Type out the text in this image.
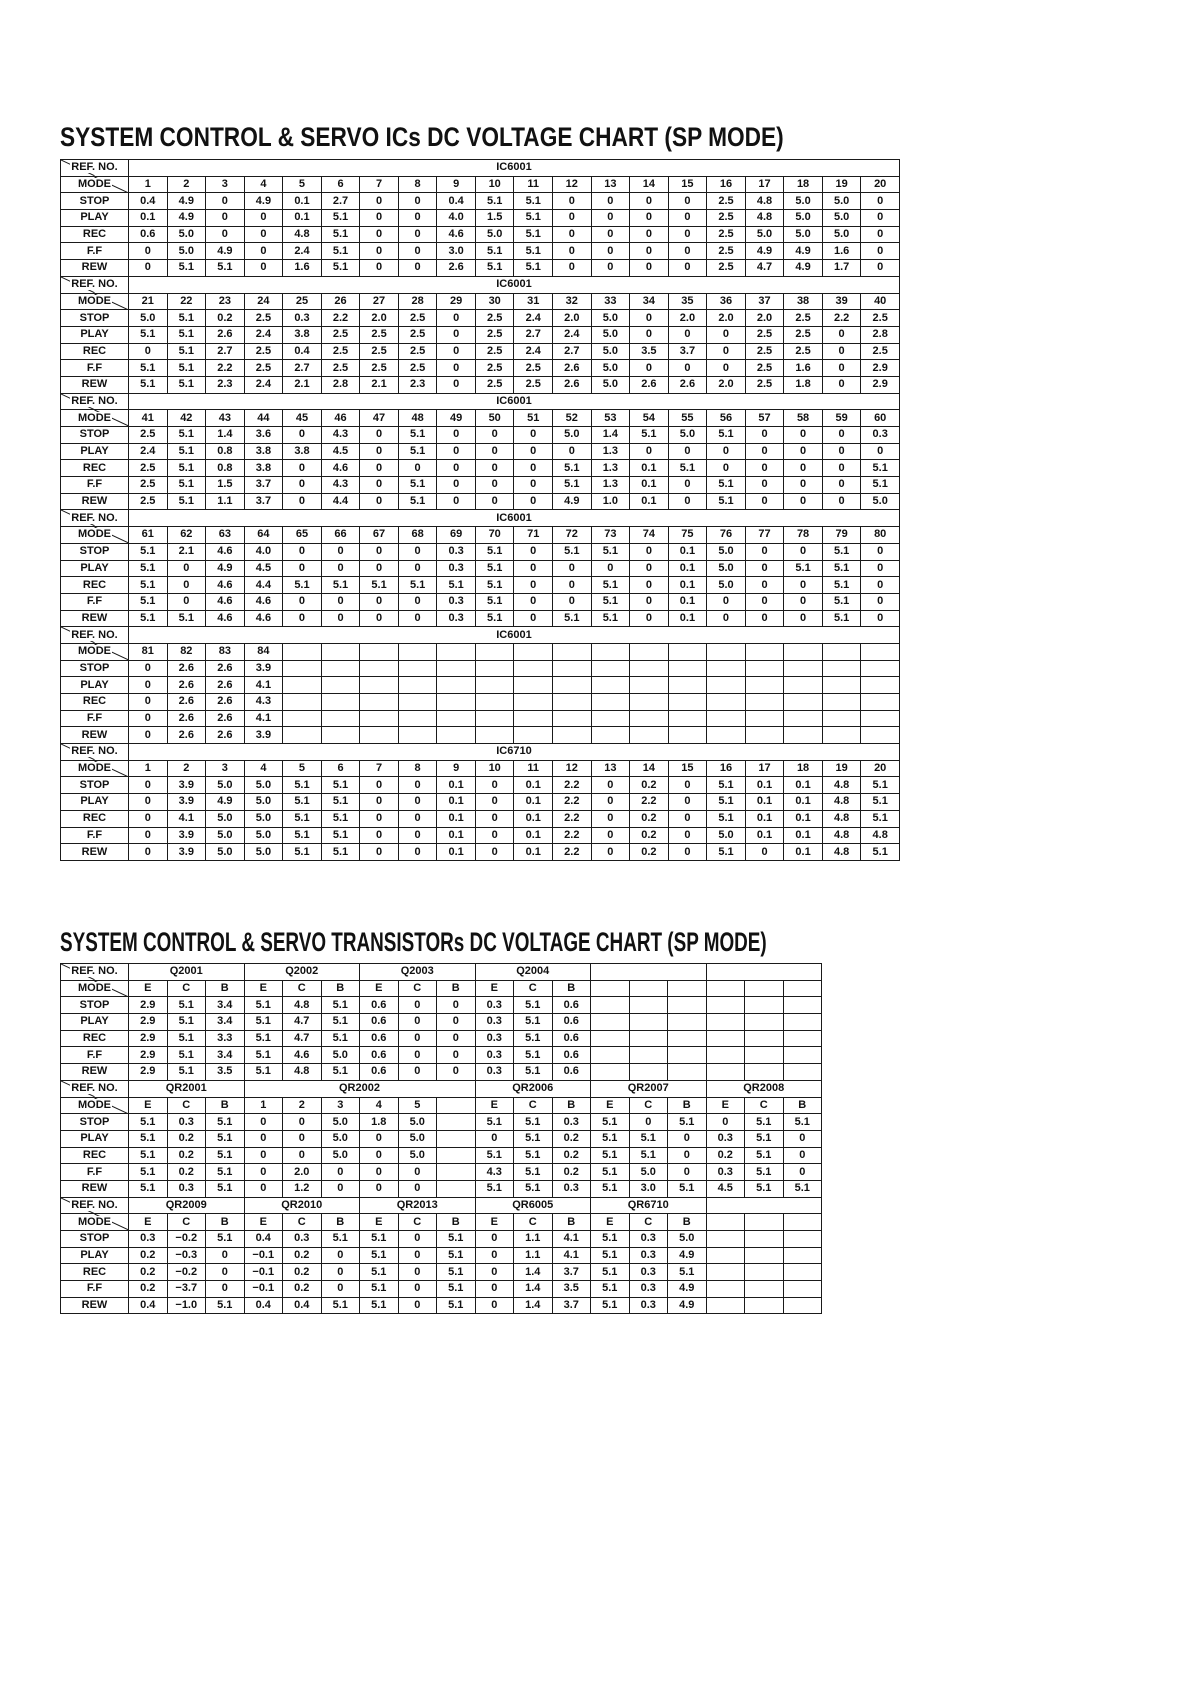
SYSTEM CONTROL & SERVO ICs DC VOLTAGE CHART (SP MODE)
REF. NO.	IC6001																			

MODE	1	2	3	4	5	6	7	8	9	10	11	12	13	14	15	16	17	18	19	20
STOP	0.4	4.9	0	4.9	0.1	2.7	0	0	0.4	5.1	5.1	0	0	0	0	2.5	4.8	5.0	5.0	0
PLAY	0.1	4.9	0	0	0.1	5.1	0	0	4.0	1.5	5.1	0	0	0	0	2.5	4.8	5.0	5.0	0
REC	0.6	5.0	0	0	4.8	5.1	0	0	4.6	5.0	5.1	0	0	0	0	2.5	5.0	5.0	5.0	0
F.F	0	5.0	4.9	0	2.4	5.1	0	0	3.0	5.1	5.1	0	0	0	0	2.5	4.9	4.9	1.6	0
REW	0	5.1	5.1	0	1.6	5.1	0	0	2.6	5.1	5.1	0	0	0	0	2.5	4.7	4.9	1.7	0

REF. NO.	IC6001																			

MODE	21	22	23	24	25	26	27	28	29	30	31	32	33	34	35	36	37	38	39	40
STOP	5.0	5.1	0.2	2.5	0.3	2.2	2.0	2.5	0	2.5	2.4	2.0	5.0	0	2.0	2.0	2.0	2.5	2.2	2.5
PLAY	5.1	5.1	2.6	2.4	3.8	2.5	2.5	2.5	0	2.5	2.7	2.4	5.0	0	0	0	2.5	2.5	0	2.8
REC	0	5.1	2.7	2.5	0.4	2.5	2.5	2.5	0	2.5	2.4	2.7	5.0	3.5	3.7	0	2.5	2.5	0	2.5
F.F	5.1	5.1	2.2	2.5	2.7	2.5	2.5	2.5	0	2.5	2.5	2.6	5.0	0	0	0	2.5	1.6	0	2.9
REW	5.1	5.1	2.3	2.4	2.1	2.8	2.1	2.3	0	2.5	2.5	2.6	5.0	2.6	2.6	2.0	2.5	1.8	0	2.9

REF. NO.	IC6001																			

MODE	41	42	43	44	45	46	47	48	49	50	51	52	53	54	55	56	57	58	59	60
STOP	2.5	5.1	1.4	3.6	0	4.3	0	5.1	0	0	0	5.0	1.4	5.1	5.0	5.1	0	0	0	0.3
PLAY	2.4	5.1	0.8	3.8	3.8	4.5	0	5.1	0	0	0	0	1.3	0	0	0	0	0	0	0
REC	2.5	5.1	0.8	3.8	0	4.6	0	0	0	0	0	5.1	1.3	0.1	5.1	0	0	0	0	5.1
F.F	2.5	5.1	1.5	3.7	0	4.3	0	5.1	0	0	0	5.1	1.3	0.1	0	5.1	0	0	0	5.1
REW	2.5	5.1	1.1	3.7	0	4.4	0	5.1	0	0	0	4.9	1.0	0.1	0	5.1	0	0	0	5.0

REF. NO.	IC6001																			

MODE	61	62	63	64	65	66	67	68	69	70	71	72	73	74	75	76	77	78	79	80
STOP	5.1	2.1	4.6	4.0	0	0	0	0	0.3	5.1	0	5.1	5.1	0	0.1	5.0	0	0	5.1	0
PLAY	5.1	0	4.9	4.5	0	0	0	0	0.3	5.1	0	0	0	0	0.1	5.0	0	5.1	5.1	0
REC	5.1	0	4.6	4.4	5.1	5.1	5.1	5.1	5.1	5.1	0	0	5.1	0	0.1	5.0	0	0	5.1	0
F.F	5.1	0	4.6	4.6	0	0	0	0	0.3	5.1	0	0	5.1	0	0.1	0	0	0	5.1	0
REW	5.1	5.1	4.6	4.6	0	0	0	0	0.3	5.1	0	5.1	5.1	0	0.1	0	0	0	5.1	0

REF. NO.	IC6001																			

MODE	81	82	83	84																
STOP	0	2.6	2.6	3.9																
PLAY	0	2.6	2.6	4.1																
REC	0	2.6	2.6	4.3																
F.F	0	2.6	2.6	4.1																
REW	0	2.6	2.6	3.9																

REF. NO.	IC6710																			

MODE	1	2	3	4	5	6	7	8	9	10	11	12	13	14	15	16	17	18	19	20
STOP	0	3.9	5.0	5.0	5.1	5.1	0	0	0.1	0	0.1	2.2	0	0.2	0	5.1	0.1	0.1	4.8	5.1
PLAY	0	3.9	4.9	5.0	5.1	5.1	0	0	0.1	0	0.1	2.2	0	2.2	0	5.1	0.1	0.1	4.8	5.1
REC	0	4.1	5.0	5.0	5.1	5.1	0	0	0.1	0	0.1	2.2	0	0.2	0	5.1	0.1	0.1	4.8	5.1
F.F	0	3.9	5.0	5.0	5.1	5.1	0	0	0.1	0	0.1	2.2	0	0.2	0	5.0	0.1	0.1	4.8	4.8
REW	0	3.9	5.0	5.0	5.1	5.1	0	0	0.1	0	0.1	2.2	0	0.2	0	5.1	0	0.1	4.8	5.1
SYSTEM CONTROL & SERVO TRANSISTORs DC VOLTAGE CHART (SP MODE)
REF. NO.	Q2001			Q2002			Q2003			Q2004								

MODE	E	C	B	E	C	B	E	C	B	E	C	B						
STOP	2.9	5.1	3.4	5.1	4.8	5.1	0.6	0	0	0.3	5.1	0.6						
PLAY	2.9	5.1	3.4	5.1	4.7	5.1	0.6	0	0	0.3	5.1	0.6						
REC	2.9	5.1	3.3	5.1	4.7	5.1	0.6	0	0	0.3	5.1	0.6						
F.F	2.9	5.1	3.4	5.1	4.6	5.0	0.6	0	0	0.3	5.1	0.6						
REW	2.9	5.1	3.5	5.1	4.8	5.1	0.6	0	0	0.3	5.1	0.6						

REF. NO.	QR2001			QR2002						QR2006			QR2007			QR2008		

MODE	E	C	B	1	2	3	4	5		E	C	B	E	C	B	E	C	B
STOP	5.1	0.3	5.1	0	0	5.0	1.8	5.0		5.1	5.1	0.3	5.1	0	5.1	0	5.1	5.1
PLAY	5.1	0.2	5.1	0	0	5.0	0	5.0		0	5.1	0.2	5.1	5.1	0	0.3	5.1	0
REC	5.1	0.2	5.1	0	0	5.0	0	5.0		5.1	5.1	0.2	5.1	5.1	0	0.2	5.1	0
F.F	5.1	0.2	5.1	0	2.0	0	0	0		4.3	5.1	0.2	5.1	5.0	0	0.3	5.1	0
REW	5.1	0.3	5.1	0	1.2	0	0	0		5.1	5.1	0.3	5.1	3.0	5.1	4.5	5.1	5.1

REF. NO.	QR2009			QR2010			QR2013			QR6005			QR6710					

MODE	E	C	B	E	C	B	E	C	B	E	C	B	E	C	B			
STOP	0.3	−0.2	5.1	0.4	0.3	5.1	5.1	0	5.1	0	1.1	4.1	5.1	0.3	5.0			
PLAY	0.2	−0.3	0	−0.1	0.2	0	5.1	0	5.1	0	1.1	4.1	5.1	0.3	4.9			
REC	0.2	−0.2	0	−0.1	0.2	0	5.1	0	5.1	0	1.4	3.7	5.1	0.3	5.1			
F.F	0.2	−3.7	0	−0.1	0.2	0	5.1	0	5.1	0	1.4	3.5	5.1	0.3	4.9			
REW	0.4	−1.0	5.1	0.4	0.4	5.1	5.1	0	5.1	0	1.4	3.7	5.1	0.3	4.9			
